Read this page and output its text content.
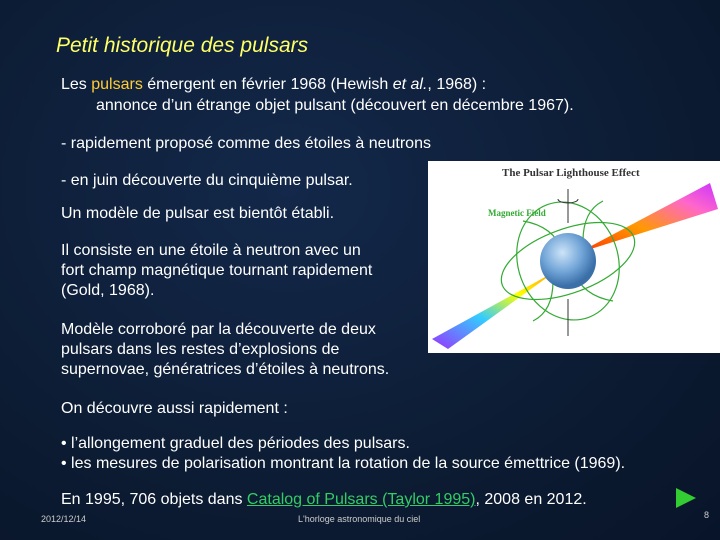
Petit historique des pulsars

Les pulsars émergent en février 1968 (Hewish et al., 1968) :

annonce d’un étrange objet pulsant (découvert en décembre 1967).

- rapidement proposé comme des étoiles à neutrons

- en juin découverte du cinquième pulsar.

Un modèle de pulsar est bientôt établi.

Il consiste en une étoile à neutron avec un
fort champ magnétique tournant rapidement
(Gold, 1968).

Modèle corroboré par la découverte de deux
pulsars dans les restes d’explosions de
supernovae, génératrices d’étoiles à neutrons.

On découvre aussi rapidement :

• l’allongement graduel des périodes des pulsars.
• les mesures de polarisation montrant la rotation de la source émettrice (1969).

En 1995, 706 objets dans Catalog of Pulsars (Taylor 1995), 2008 en 2012.

The Pulsar Lighthouse Effect
Magnetic Field
2012/12/14	L'horloge astronomique du ciel	8
